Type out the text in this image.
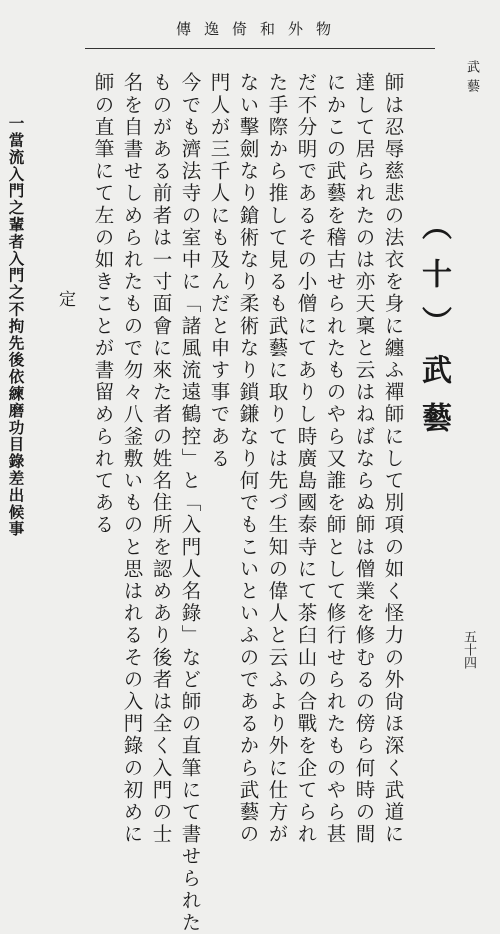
傳逸倚和外物
五十四
武藝
（十）武藝
師は忍辱慈悲の法衣を身に纏ふ禪師にして別項の如く怪力の外尙ほ深く武道に
達して居られたのは亦天稟と云はねばならぬ師は僧業を修むるの傍ら何時の間
にかこの武藝を稽古せられたものやら又誰を師として修行せられたものやら甚
だ不分明であるその小僧にてありし時廣島國泰寺にて茶臼山の合戰を企てられ
た手際から推して見るも武藝に取りては先づ生知の偉人と云ふより外に仕方が
ない擊劍なり鎗術なり柔術なり鎖鎌なり何でもこいといふのであるから武藝の
門人が三千人にも及んだと申す事である
今でも濟法寺の室中に「諸風流遠鶴控」と「入門人名錄」など師の直筆にて書せられた
ものがある前者は一寸面會に來た者の姓名住所を認めあり後者は全く入門の士
名を自書せしめられたもので勿々八釜敷いものと思はれるその入門錄の初めに
師の直筆にて左の如きことが書留められてある
定
一當流入門之輩者入門之不拘先後依練磨功目錄差出候事
